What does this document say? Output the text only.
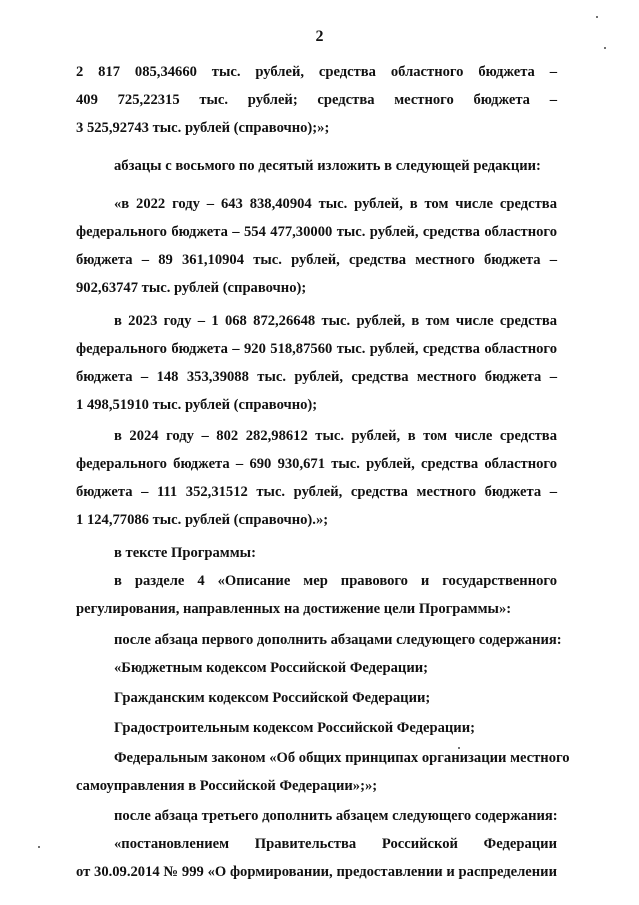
2
2 817 085,34660 тыс. рублей, средства областного бюджета –
409 725,22315 тыс. рублей; средства местного бюджета –
3 525,92743 тыс. рублей (справочно);»;
абзацы с восьмого по десятый изложить в следующей редакции:
«в 2022 году – 643 838,40904 тыс. рублей, в том числе средства
федерального бюджета – 554 477,30000 тыс. рублей, средства областного
бюджета – 89 361,10904 тыс. рублей, средства местного бюджета –
902,63747 тыс. рублей (справочно);
в 2023 году – 1 068 872,26648 тыс. рублей, в том числе средства
федерального бюджета – 920 518,87560 тыс. рублей, средства областного
бюджета – 148 353,39088 тыс. рублей, средства местного бюджета –
1 498,51910 тыс. рублей (справочно);
в 2024 году – 802 282,98612 тыс. рублей, в том числе средства
федерального бюджета – 690 930,671 тыс. рублей, средства областного
бюджета – 111 352,31512 тыс. рублей, средства местного бюджета –
1 124,77086 тыс. рублей (справочно).»;
в тексте Программы:
в разделе 4 «Описание мер правового и государственного
регулирования, направленных на достижение цели Программы»:
после абзаца первого дополнить абзацами следующего содержания:
«Бюджетным кодексом Российской Федерации;
Гражданским кодексом Российской Федерации;
Градостроительным кодексом Российской Федерации;
Федеральным законом «Об общих принципах организации местного
самоуправления в Российской Федерации»;»;
после абзаца третьего дополнить абзацем следующего содержания:
«постановлением Правительства Российской Федерации
от 30.09.2014 № 999 «О формировании, предоставлении и распределении
